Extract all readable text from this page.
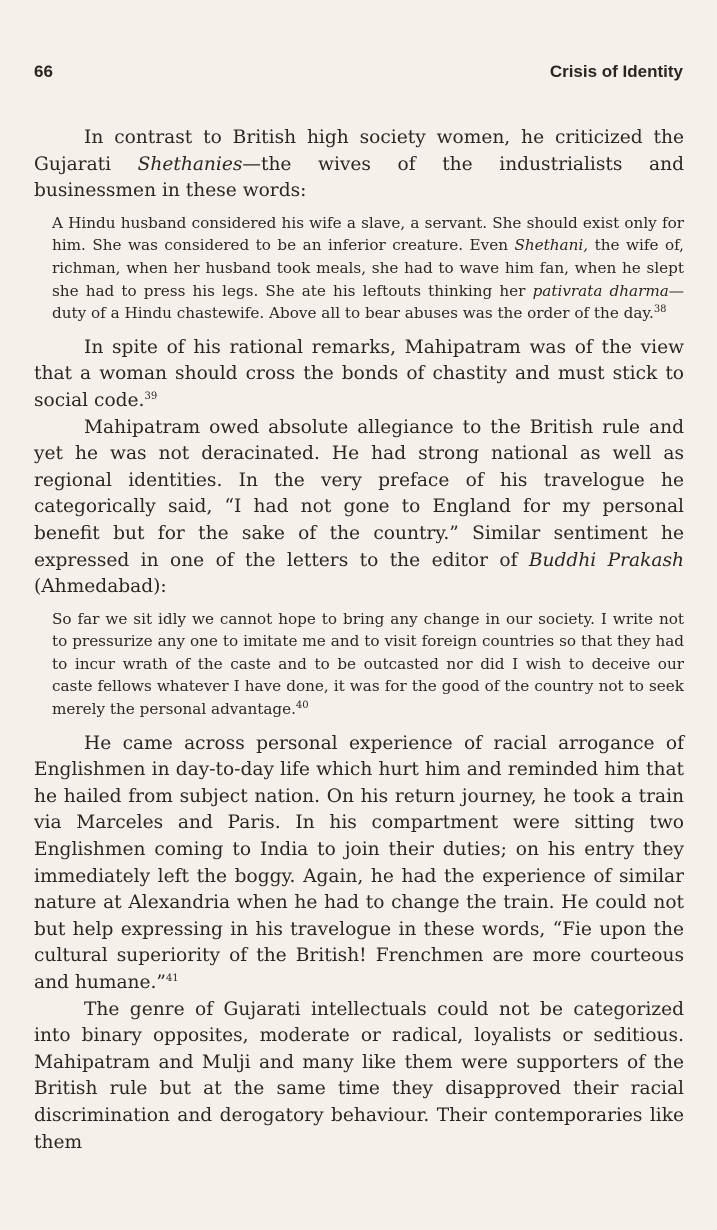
66	Crisis of Identity

In contrast to British high society women, he criticized the Gujarati Shethanies—the wives of the industrialists and businessmen in these words:

A Hindu husband considered his wife a slave, a servant. She should exist only for him. She was considered to be an inferior creature. Even Shethani, the wife of, richman, when her husband took meals, she had to wave him fan, when he slept she had to press his legs. She ate his leftouts thinking her pativrata dharma—duty of a Hindu chastewife. Above all to bear abuses was the order of the day.$^{38}$

In spite of his rational remarks, Mahipatram was of the view that a woman should cross the bonds of chastity and must stick to social code.$^{39}$

Mahipatram owed absolute allegiance to the British rule and yet he was not deracinated. He had strong national as well as regional identities. In the very preface of his travelogue he categorically said, “I had not gone to England for my personal benefit but for the sake of the country.” Similar sentiment he expressed in one of the letters to the editor of Buddhi Prakash (Ahmedabad):

So far we sit idly we cannot hope to bring any change in our society. I write not to pressurize any one to imitate me and to visit foreign countries so that they had to incur wrath of the caste and to be outcasted nor did I wish to deceive our caste fellows whatever I have done, it was for the good of the country not to seek merely the personal advantage.$^{40}$

He came across personal experience of racial arrogance of Englishmen in day-to-day life which hurt him and reminded him that he hailed from subject nation. On his return journey, he took a train via Marceles and Paris. In his compartment were sitting two Englishmen coming to India to join their duties; on his entry they immediately left the boggy. Again, he had the experience of similar nature at Alexandria when he had to change the train. He could not but help expressing in his travelogue in these words, “Fie upon the cultural superiority of the British! Frenchmen are more courteous and humane.”$^{41}$

The genre of Gujarati intellectuals could not be categorized into binary opposites, moderate or radical, loyalists or seditious. Mahipatram and Mulji and many like them were supporters of the British rule but at the same time they disapproved their racial discrimination and derogatory behaviour. Their contemporaries like them
